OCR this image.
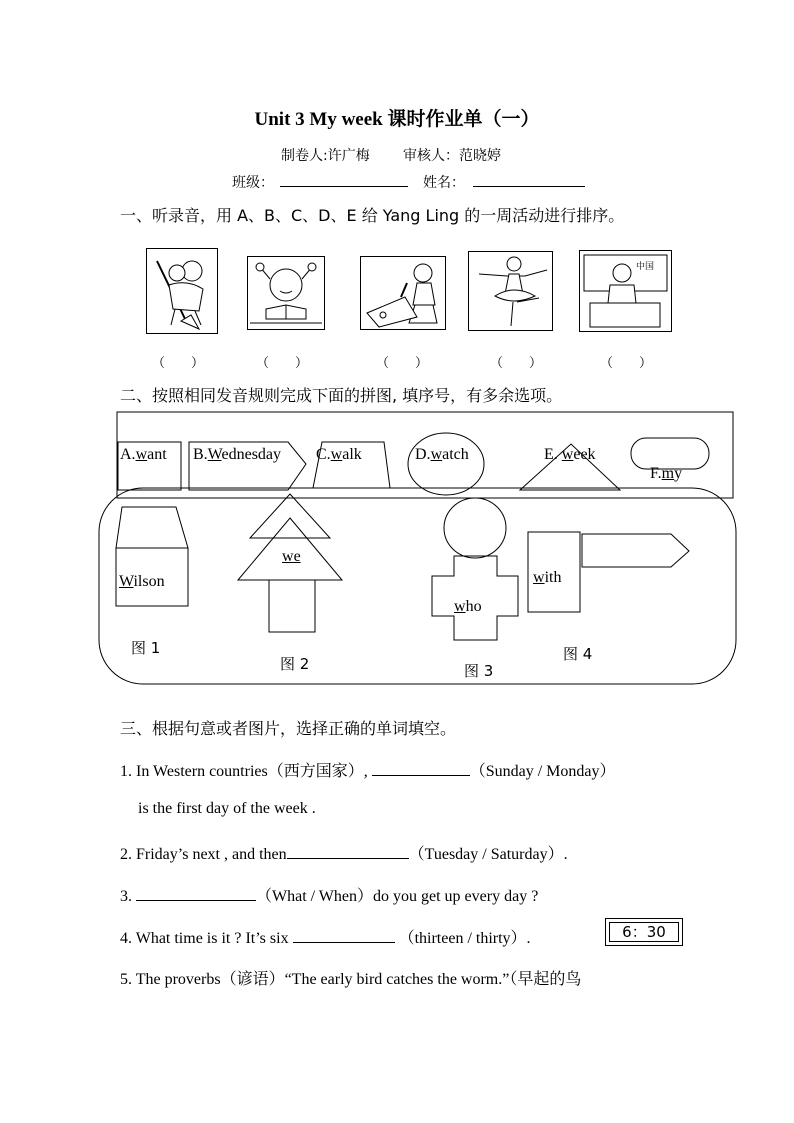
Unit 3 My week 课时作业单（一）
制卷人:许广梅 审核人：范晓婷
班级：	姓名：
一、听录音，用 A、B、C、D、E 给 Yang Ling 的一周活动进行排序。
中国
（　　）	（　　）	（　　）	（　　）	（　　）
二、按照相同发音规则完成下面的拼图, 填序号，有多余选项。
A.want B.Wednesday C.walk	D.watch	E. week
F.my
Wilson
we
who
with
图 1
图 2	图 3
图 4
三、根据句意或者图片，选择正确的单词填空。
1. In Western countries（西方国家）,	（Sunday / Monday）
is the first day of the week .
2. Friday’s next , and then	（Tuesday / Saturday）.
3.	（What / When）do you get up every day ?
4. What time is it ? It’s six	（thirteen / thirty）.	6：30
5. The proverbs（谚语）“The early bird catches the worm.”（早起的鸟
